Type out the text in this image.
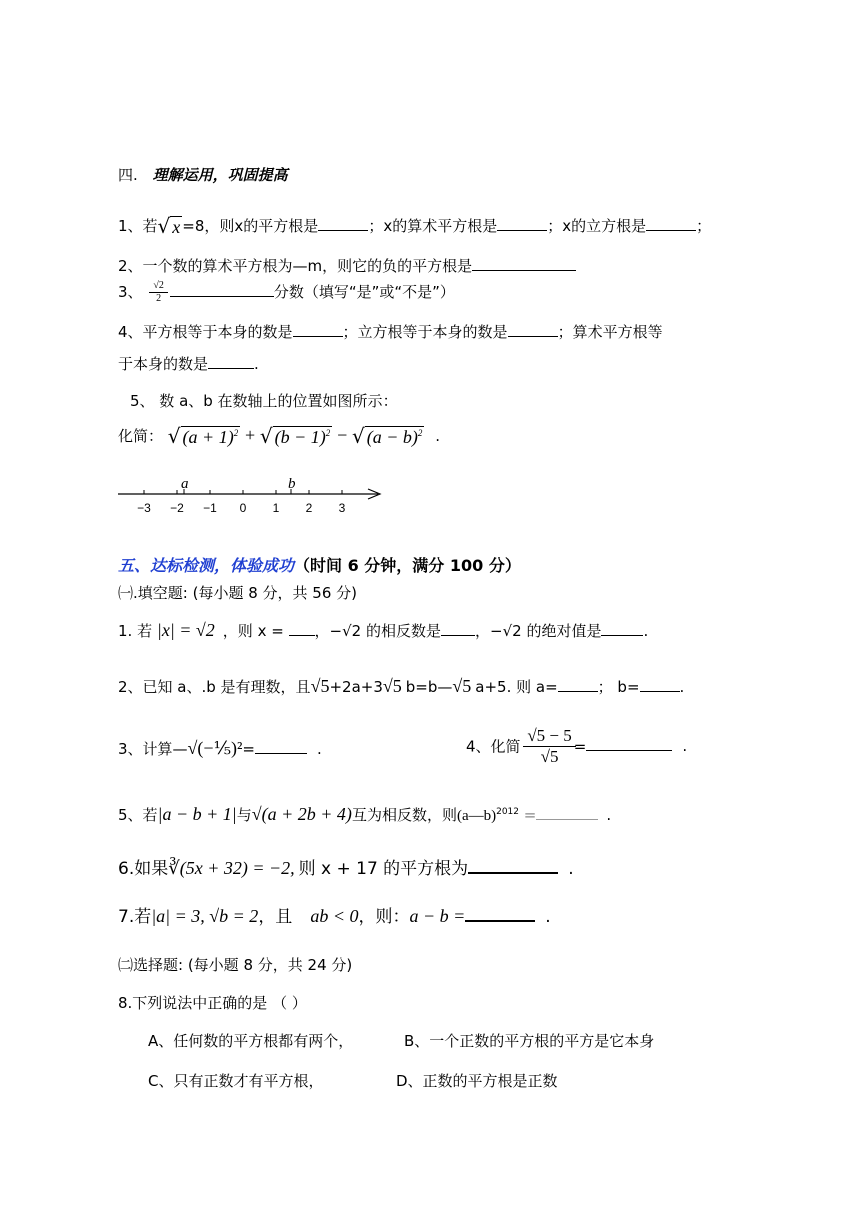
四. 理解运用，巩固提高
1、若√ x =8，则x的平方根是	；x的算术平方根是	；x的立方根是	；
2、一个数的算术平方根为—m，则它的负的平方根是
3、 $\frac{√2}{2}$	分数（填写“是”或“不是”）
4、平方根等于本身的数是	；立方根等于本身的数是	；算术平方根等
于本身的数是	.
5、 数 a、b 在数轴上的位置如图所示：
化简： √ $(a + 1)^2$ + √ $(b - 1)^2$ − √ $(a - b)^2$ .
−3 −2 −1 0 1 2 3
a	b
五、达标检测，体验成功（时间 6 分钟，满分 100 分）
㈠.填空题: (每小题 8 分，共 56 分)
1. 若 |x| = √2 ，则 x = ，−√2 的相反数是 ，−√2 的绝对值是	.
2、已知 a、.b 是有理数，且√5+2a+3√5 b=b—√5 a+5. 则 a=	； b=	.
3、计算—√(−⅕)²=	.	4、化简 $\frac{√5 - 5}{√5}$ =	.
5、若|a − b + 1|与√(a + 2b + 4)互为相反数，则(a—b)$^{2012}$ =	.
6.如果∛(5x + 32) = −2, 则 x + 17 的平方根为	.
7.若|a| = 3, √b = 2，且 ab < 0，则：a − b =	.
㈡选择题: (每小题 8 分，共 24 分)
8.下列说法中正确的是 （ ）
A、任何数的平方根都有两个，	B、一个正数的平方根的平方是它本身
C、只有正数才有平方根，	D、正数的平方根是正数
